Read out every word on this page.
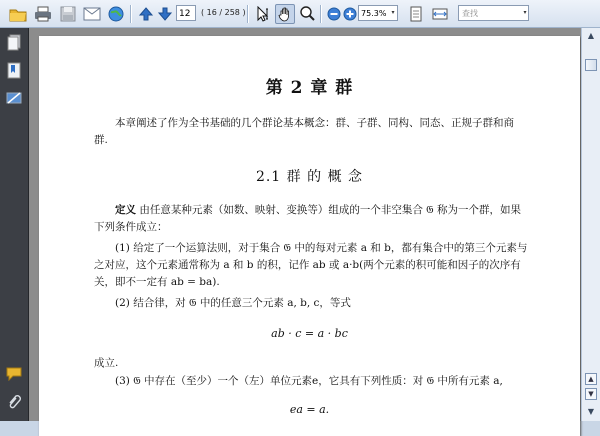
12	( 16 / 258 )	75.3% ▾	查找	▾
第 2 章 群
本章阐述了作为全书基础的几个群论基本概念：群、子群、同构、同态、正规子群和商群.
2.1 群 的 概 念
定义 由任意某种元素（如数、映射、变换等）组成的一个非空集合 𝔊 称为一个群，如果下列条件成立：
(1) 给定了一个运算法则，对于集合 𝔊 中的每对元素 a 和 b，都有集合中的第三个元素与之对应，这个元素通常称为 a 和 b 的积，记作 ab 或 a·b(两个元素的积可能和因子的次序有关，即不一定有 ab = ba).
(2) 结合律，对 𝔊 中的任意三个元素 a, b, c，等式
ab · c = a · bc
成立.
(3) 𝔊 中存在（至少）一个（左）单位元素e，它具有下列性质：对 𝔊 中所有元素 a,
ea = a.
▲
▲
▼
▼
